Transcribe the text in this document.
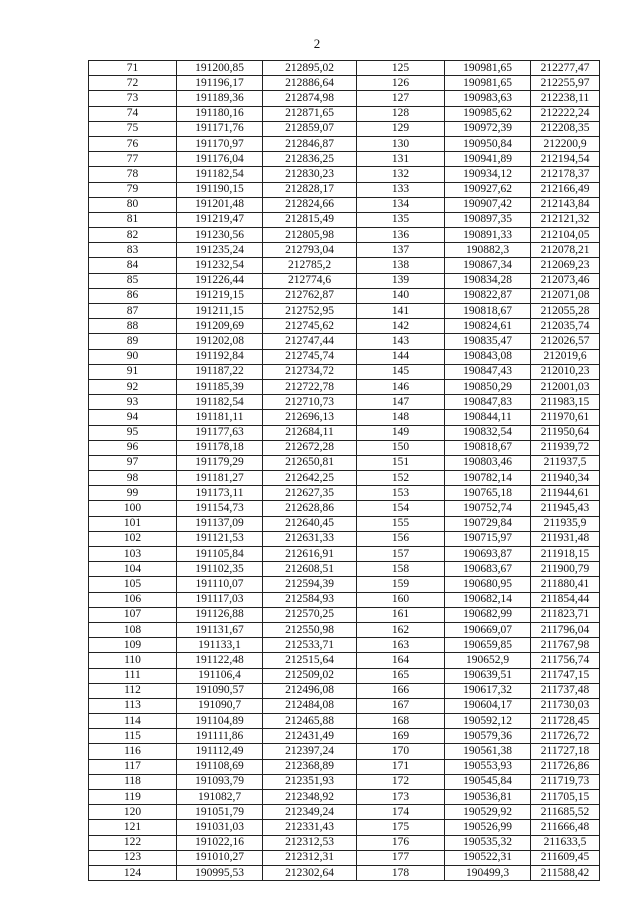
2
71	191200,85	212895,02	125	190981,65	212277,47
72	191196,17	212886,64	126	190981,65	212255,97
73	191189,36	212874,98	127	190983,63	212238,11
74	191180,16	212871,65	128	190985,62	212222,24
75	191171,76	212859,07	129	190972,39	212208,35
76	191170,97	212846,87	130	190950,84	212200,9
77	191176,04	212836,25	131	190941,89	212194,54
78	191182,54	212830,23	132	190934,12	212178,37
79	191190,15	212828,17	133	190927,62	212166,49
80	191201,48	212824,66	134	190907,42	212143,84
81	191219,47	212815,49	135	190897,35	212121,32
82	191230,56	212805,98	136	190891,33	212104,05
83	191235,24	212793,04	137	190882,3	212078,21
84	191232,54	212785,2	138	190867,34	212069,23
85	191226,44	212774,6	139	190834,28	212073,46
86	191219,15	212762,87	140	190822,87	212071,08
87	191211,15	212752,95	141	190818,67	212055,28
88	191209,69	212745,62	142	190824,61	212035,74
89	191202,08	212747,44	143	190835,47	212026,57
90	191192,84	212745,74	144	190843,08	212019,6
91	191187,22	212734,72	145	190847,43	212010,23
92	191185,39	212722,78	146	190850,29	212001,03
93	191182,54	212710,73	147	190847,83	211983,15
94	191181,11	212696,13	148	190844,11	211970,61
95	191177,63	212684,11	149	190832,54	211950,64
96	191178,18	212672,28	150	190818,67	211939,72
97	191179,29	212650,81	151	190803,46	211937,5
98	191181,27	212642,25	152	190782,14	211940,34
99	191173,11	212627,35	153	190765,18	211944,61
100	191154,73	212628,86	154	190752,74	211945,43
101	191137,09	212640,45	155	190729,84	211935,9
102	191121,53	212631,33	156	190715,97	211931,48
103	191105,84	212616,91	157	190693,87	211918,15
104	191102,35	212608,51	158	190683,67	211900,79
105	191110,07	212594,39	159	190680,95	211880,41
106	191117,03	212584,93	160	190682,14	211854,44
107	191126,88	212570,25	161	190682,99	211823,71
108	191131,67	212550,98	162	190669,07	211796,04
109	191133,1	212533,71	163	190659,85	211767,98
110	191122,48	212515,64	164	190652,9	211756,74
111	191106,4	212509,02	165	190639,51	211747,15
112	191090,57	212496,08	166	190617,32	211737,48
113	191090,7	212484,08	167	190604,17	211730,03
114	191104,89	212465,88	168	190592,12	211728,45
115	191111,86	212431,49	169	190579,36	211726,72
116	191112,49	212397,24	170	190561,38	211727,18
117	191108,69	212368,89	171	190553,93	211726,86
118	191093,79	212351,93	172	190545,84	211719,73
119	191082,7	212348,92	173	190536,81	211705,15
120	191051,79	212349,24	174	190529,92	211685,52
121	191031,03	212331,43	175	190526,99	211666,48
122	191022,16	212312,53	176	190535,32	211633,5
123	191010,27	212312,31	177	190522,31	211609,45
124	190995,53	212302,64	178	190499,3	211588,42
